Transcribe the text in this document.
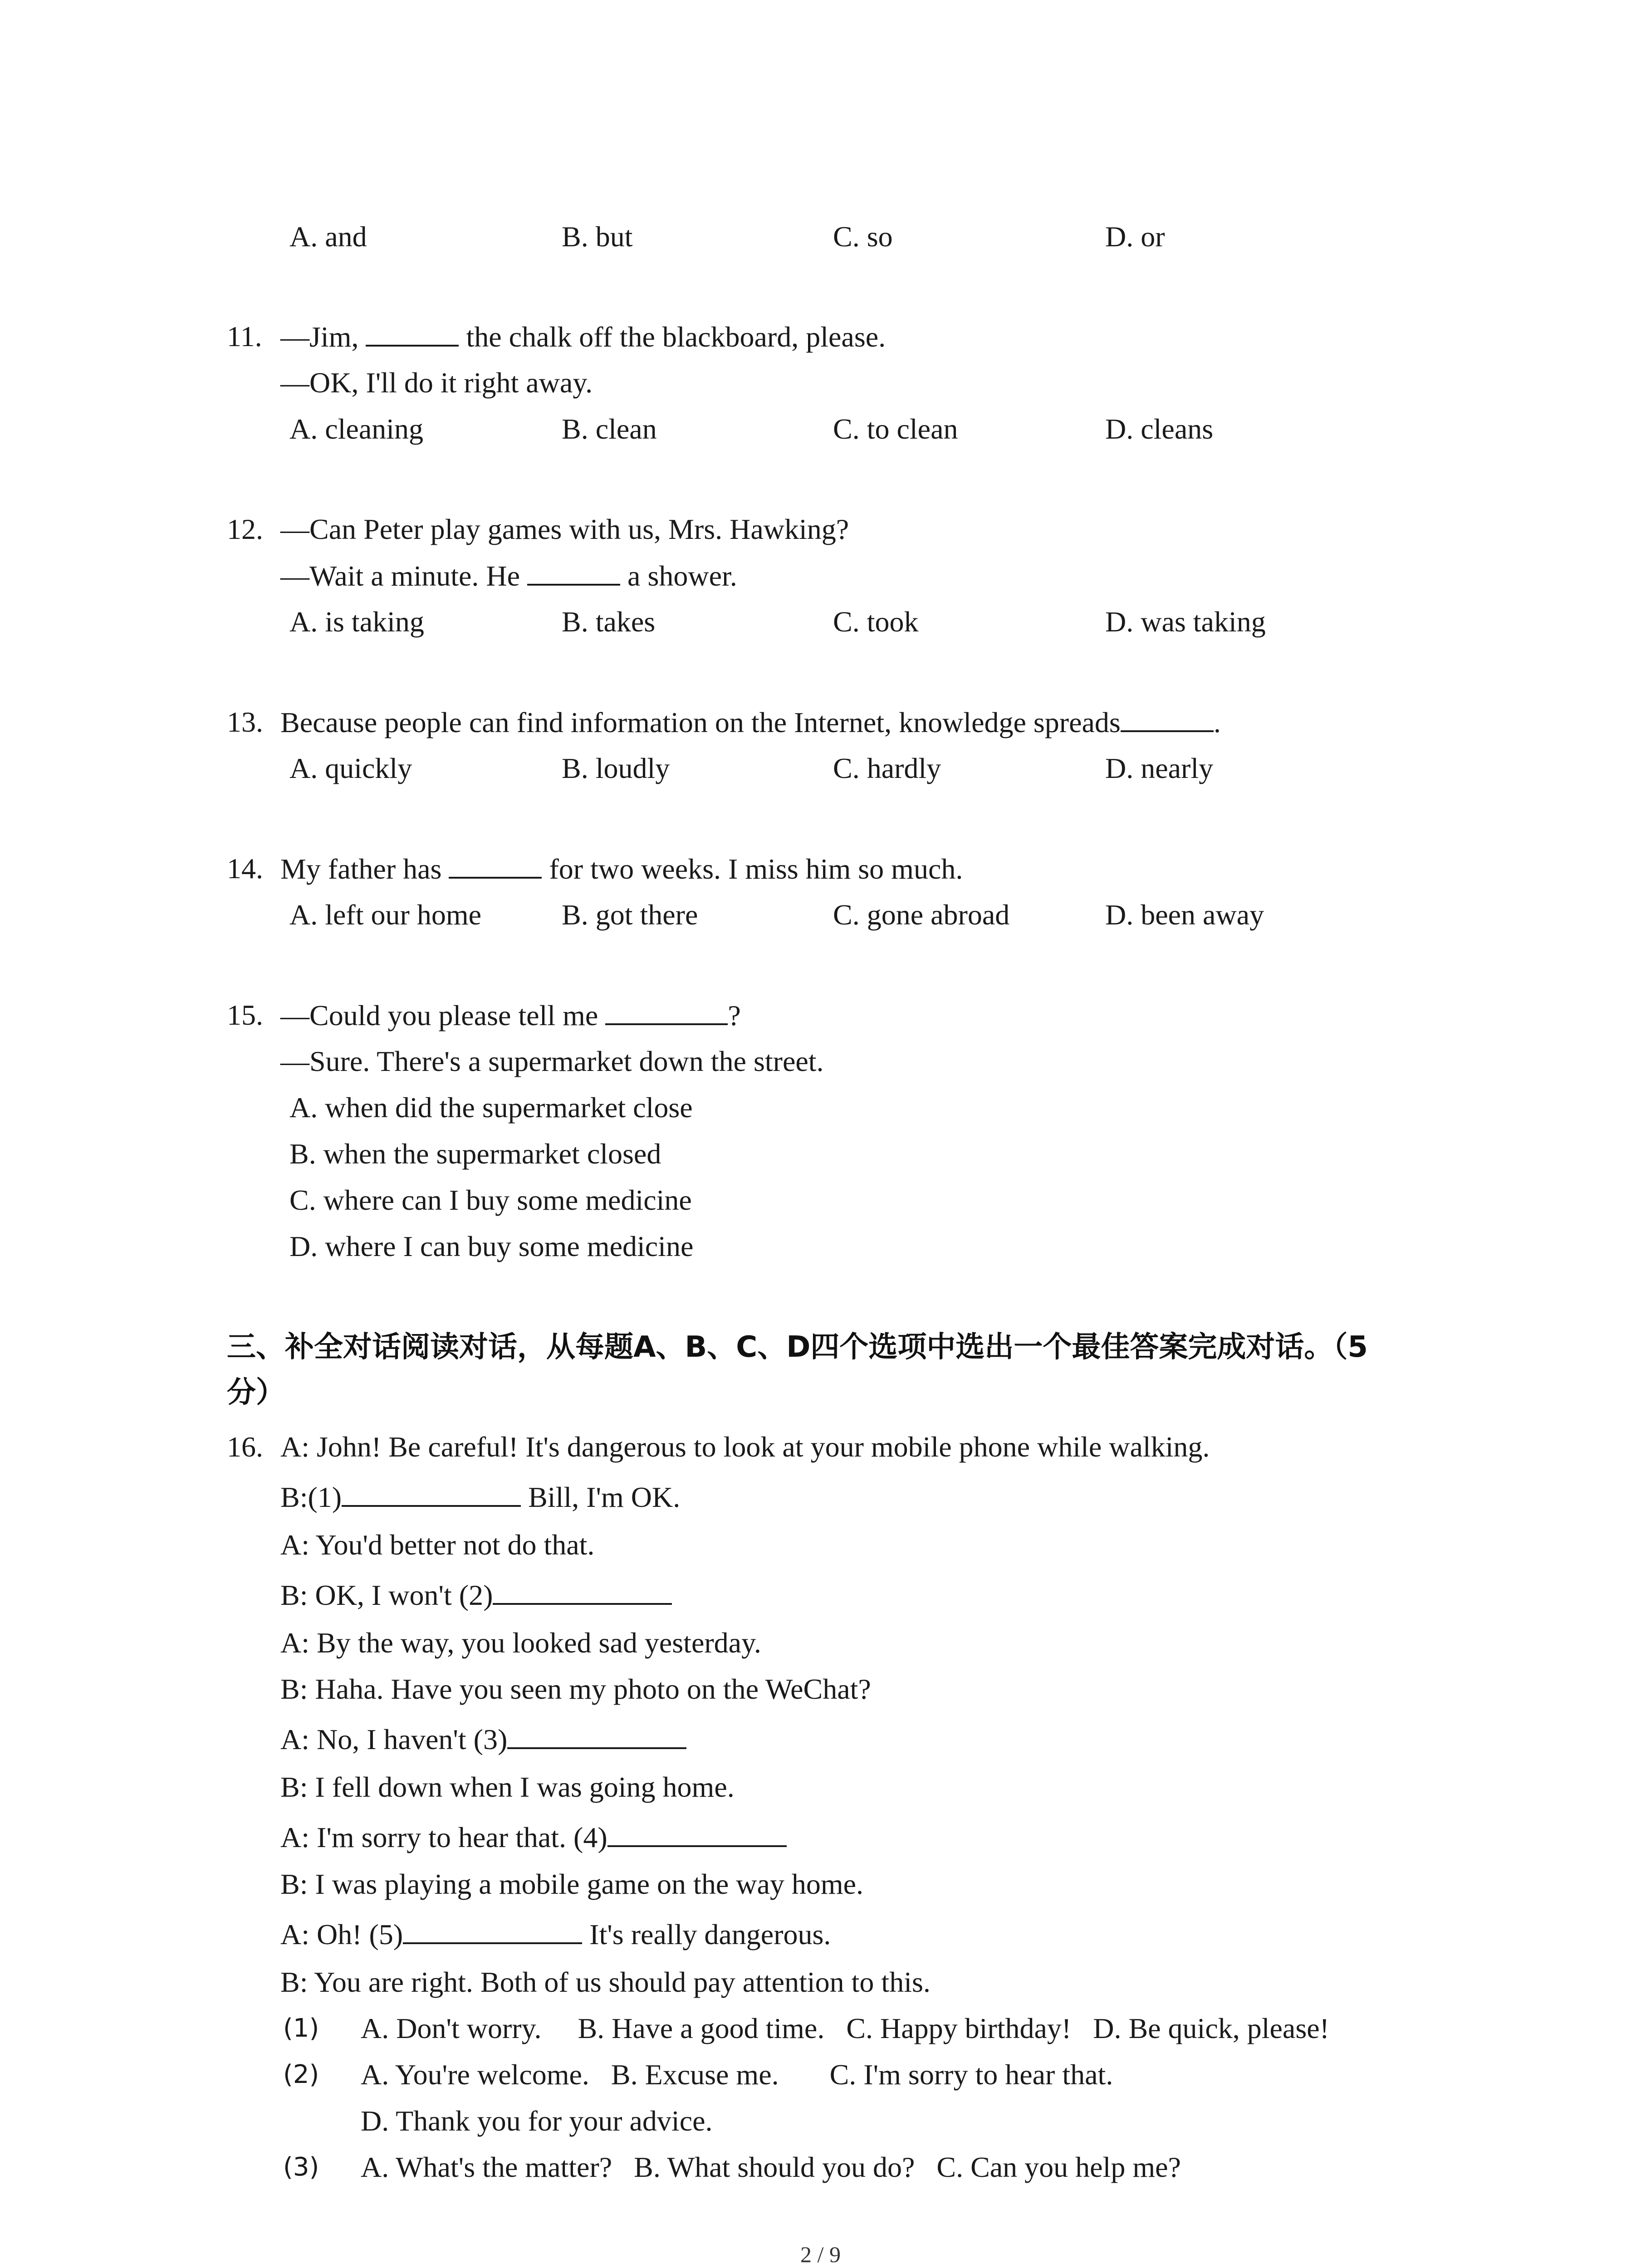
A. and	B. but	C. so	D. or
11. —Jim,	the chalk off the blackboard, please.
—OK, I'll do it right away.
A. cleaning	B. clean	C. to clean	D. cleans
12. —Can Peter play games with us, Mrs. Hawking?
—Wait a minute. He	a shower.
A. is taking	B. takes	C. took	D. was taking
13. Because people can find information on the Internet, knowledge spreads	.
A. quickly	B. loudly	C. hardly	D. nearly
14. My father has	for two weeks. I miss him so much.
A. left our home	B. got there	C. gone abroad	D. been away
15. —Could you please tell me	?
—Sure. There's a supermarket down the street.
A. when did the supermarket close
B. when the supermarket closed
C. where can I buy some medicine
D. where I can buy some medicine
三、补全对话阅读对话，从每题A、B、C、D四个选项中选出一个最佳答案完成对话。（5
分）
16. A: John! Be careful! It's dangerous to look at your mobile phone while walking.
B:(1)	Bill, I'm OK.
A: You'd better not do that.
B: OK, I won't (2)
A: By the way, you looked sad yesterday.
B: Haha. Have you seen my photo on the WeChat?
A: No, I haven't (3)
B: I fell down when I was going home.
A: I'm sorry to hear that. (4)
B: I was playing a mobile game on the way home.
A: Oh! (5)	It's really dangerous.
B: You are right. Both of us should pay attention to this.
(1) A. Don't worry.     B. Have a good time.   C. Happy birthday!   D. Be quick, please!
(2) A. You're welcome.   B. Excuse me.       C. I'm sorry to hear that.
D. Thank you for your advice.
(3) A. What's the matter?   B. What should you do?   C. Can you help me?
2 / 9
